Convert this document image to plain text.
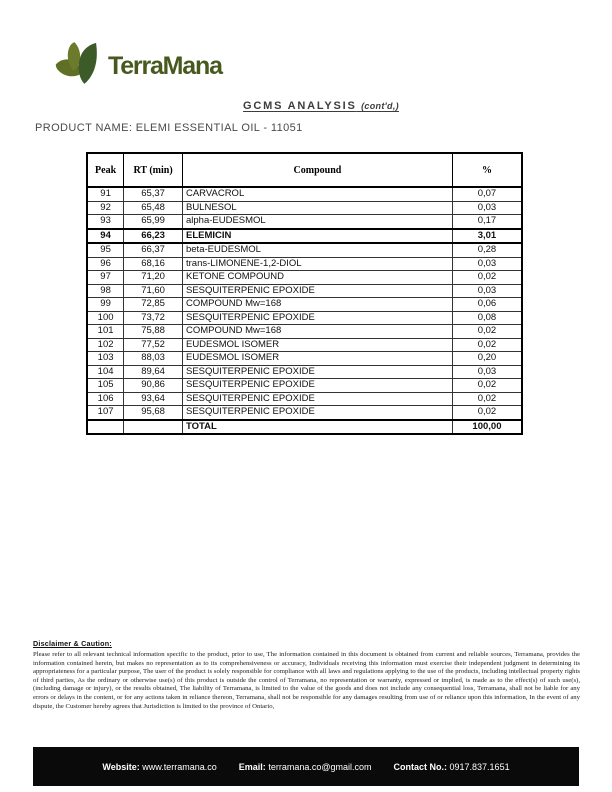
TerraMana
GCMS ANALYSIS (cont'd,)
PRODUCT NAME: ELEMI ESSENTIAL OIL - 11051
Peak	RT (min)	Compound	%
91	65,37	CARVACROL	0,07
92	65,48	BULNESOL	0,03
93	65,99	alpha-EUDESMOL	0,17
94	66,23	ELEMICIN	3,01
95	66,37	beta-EUDESMOL	0,28
96	68,16	trans-LIMONENE-1,2-DIOL	0,03
97	71,20	KETONE COMPOUND	0,02
98	71,60	SESQUITERPENIC EPOXIDE	0,03
99	72,85	COMPOUND Mw=168	0,06
100	73,72	SESQUITERPENIC EPOXIDE	0,08
101	75,88	COMPOUND Mw=168	0,02
102	77,52	EUDESMOL ISOMER	0,02
103	88,03	EUDESMOL ISOMER	0,20
104	89,64	SESQUITERPENIC EPOXIDE	0,03
105	90,86	SESQUITERPENIC EPOXIDE	0,02
106	93,64	SESQUITERPENIC EPOXIDE	0,02
107	95,68	SESQUITERPENIC EPOXIDE	0,02
		TOTAL	100,00
Disclaimer & Caution:
Please refer to all relevant technical information specific to the product, prior to use, The information contained in this document is obtained from current and reliable sources, Terramana, provides the information contained herein, but makes no representation as to its comprehensiveness or accuracy, Individuals receiving this information must exercise their independent judgment in determining its appropriateness for a particular purpose, The user of the product is solely responsible for compliance with all laws and regulations applying to the use of the products, including intellectual property rights of third parties, As the ordinary or otherwise use(s) of this product is outside the control of Terramana, no representation or warranty, expressed or implied, is made as to the effect(s) of such use(s), (including damage or injury), or the results obtained, The liability of Terramana, is limited to the value of the goods and does not include any consequential loss, Terramana, shall not be liable for any errors or delays in the content, or for any actions taken in reliance thereon, Terramana, shall not be responsible for any damages resulting from use of or reliance upon this information, In the event of any dispute, the Customer hereby agrees that Jurisdiction is limited to the province of Ontario,
Website: www.terramana.co Email: terramana.co@gmail.com Contact No.: 0917.837.1651
